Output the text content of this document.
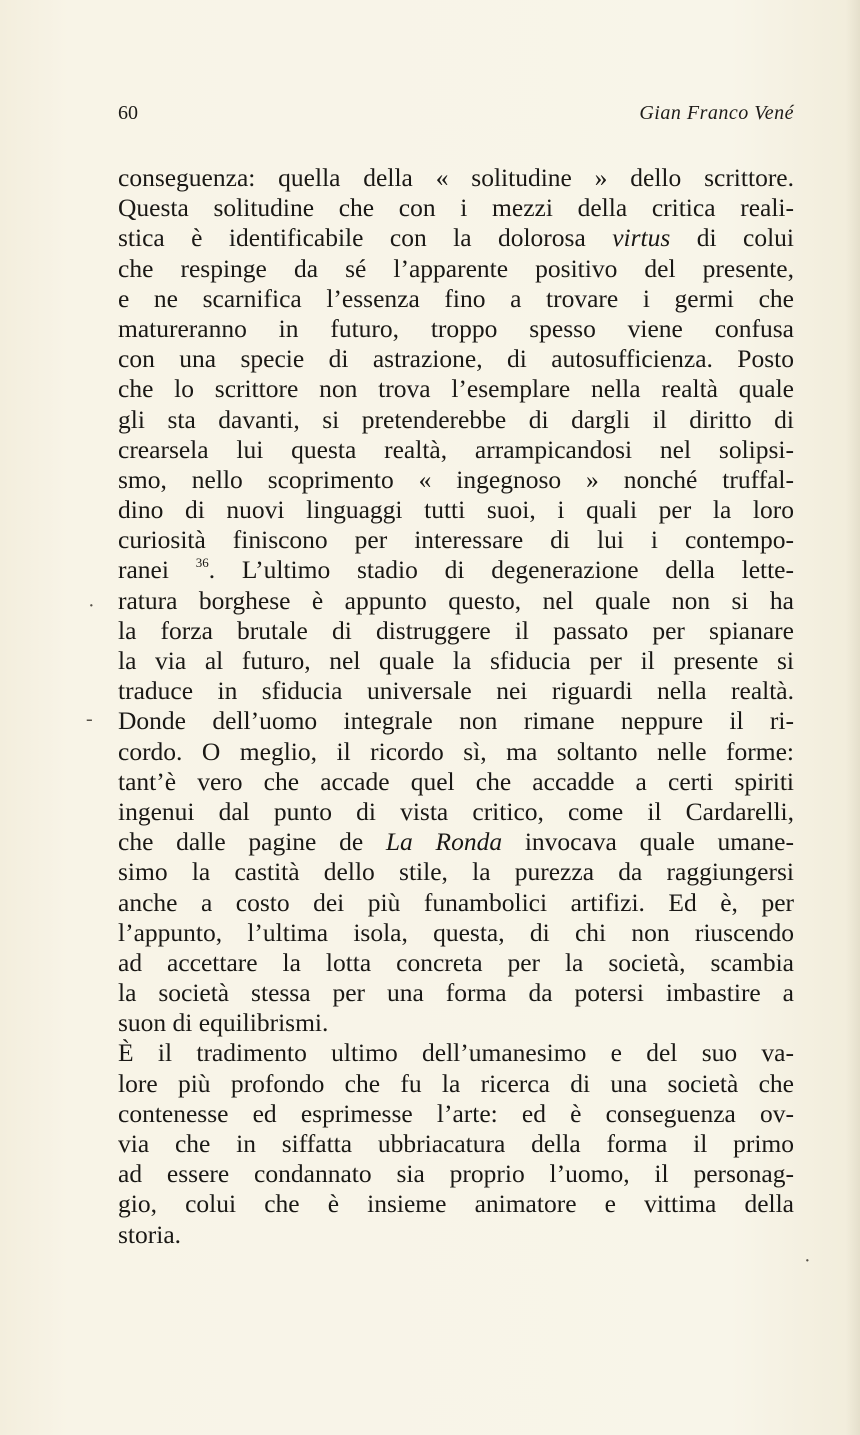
60	Gian Franco Vené
conseguenza: quella della « solitudine » dello scrittore.
Questa solitudine che con i mezzi della critica reali-
stica è identificabile con la dolorosa virtus di colui
che respinge da sé l’apparente positivo del presente,
e ne scarnifica l’essenza fino a trovare i germi che
matureranno in futuro, troppo spesso viene confusa
con una specie di astrazione, di autosufficienza. Posto
che lo scrittore non trova l’esemplare nella realtà quale
gli sta davanti, si pretenderebbe di dargli il diritto di
crearsela lui questa realtà, arrampicandosi nel solipsi-
smo, nello scoprimento « ingegnoso » nonché truffal-
dino di nuovi linguaggi tutti suoi, i quali per la loro
curiosità finiscono per interessare di lui i contempo-
ranei $^{36}$. L’ultimo stadio di degenerazione della lette-
ratura borghese è appunto questo, nel quale non si ha
la forza brutale di distruggere il passato per spianare
la via al futuro, nel quale la sfiducia per il presente si
traduce in sfiducia universale nei riguardi nella realtà.
Donde dell’uomo integrale non rimane neppure il ri-
cordo. O meglio, il ricordo sì, ma soltanto nelle forme:
tant’è vero che accade quel che accadde a certi spiriti
ingenui dal punto di vista critico, come il Cardarelli,
che dalle pagine de La Ronda invocava quale umane-
simo la castità dello stile, la purezza da raggiungersi
anche a costo dei più funambolici artifizi. Ed è, per
l’appunto, l’ultima isola, questa, di chi non riuscendo
ad accettare la lotta concreta per la società, scambia
la società stessa per una forma da potersi imbastire a
suon di equilibrismi.
È il tradimento ultimo dell’umanesimo e del suo va-
lore più profondo che fu la ricerca di una società che
contenesse ed esprimesse l’arte: ed è conseguenza ov-
via che in siffatta ubbriacatura della forma il primo
ad essere condannato sia proprio l’uomo, il personag-
gio, colui che è insieme animatore e vittima della
storia.
·
-
·
